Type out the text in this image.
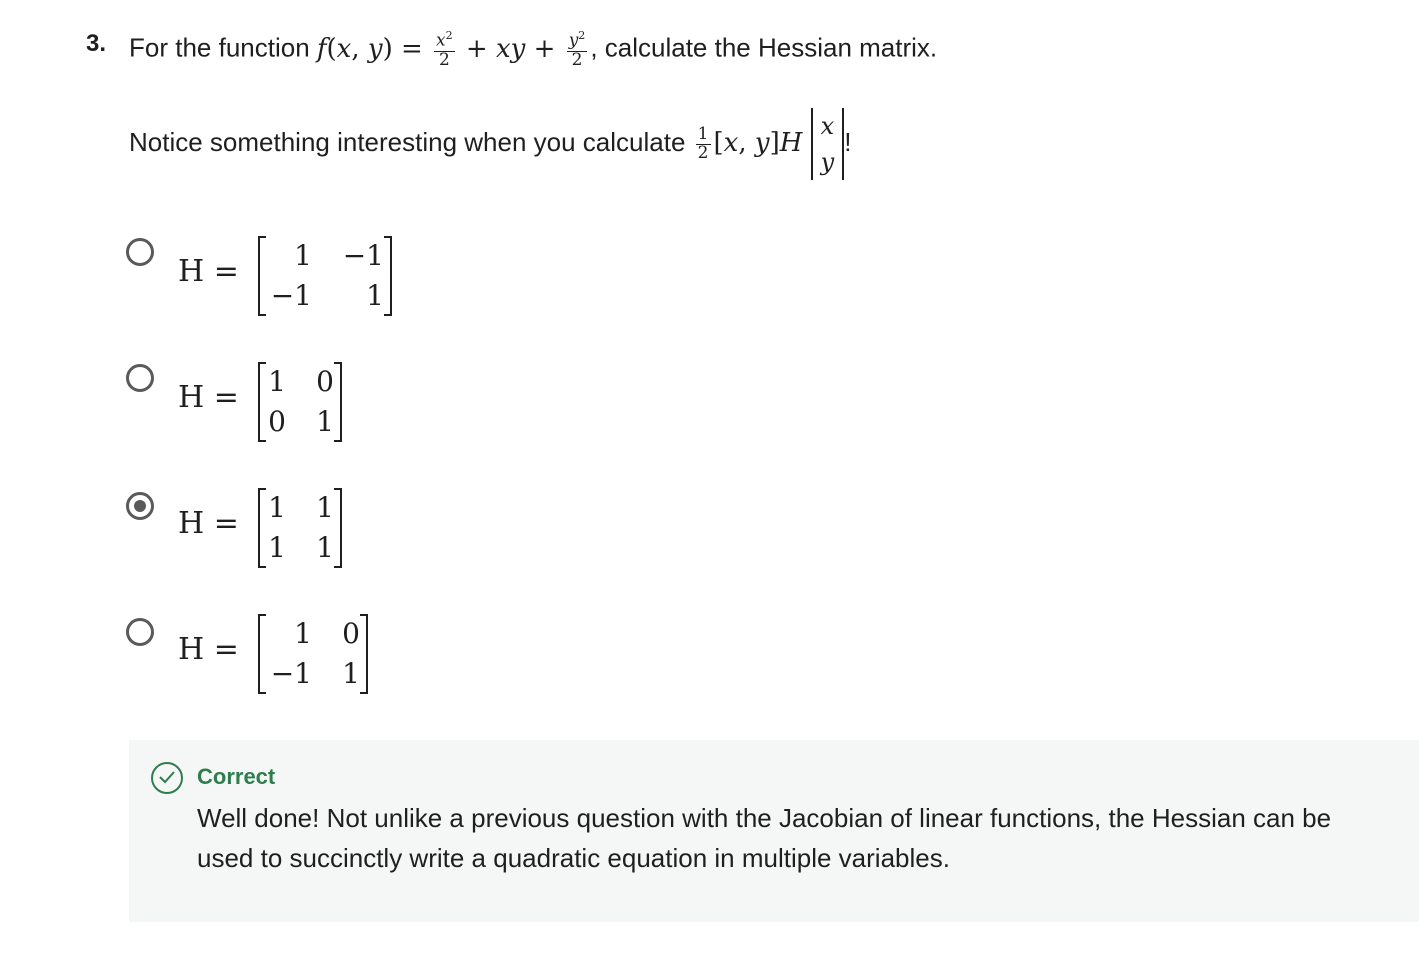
3. For the function f(x, $y) = \frac{x^2}{2}$ + xy + $\frac{y^2}{2}$ , calculate the Hessian matrix.
Notice something interesting when you calculate $\frac{1}{2} [x$, y]H
x
y
!
H =	1	−1
−1	1
H = 1	0
0	1
H = 1	1
1	1
H =	1	0
−1	1
Correct
Well done! Not unlike a previous question with the Jacobian of linear functions, the Hessian can be used to succinctly write a quadratic equation in multiple variables.
